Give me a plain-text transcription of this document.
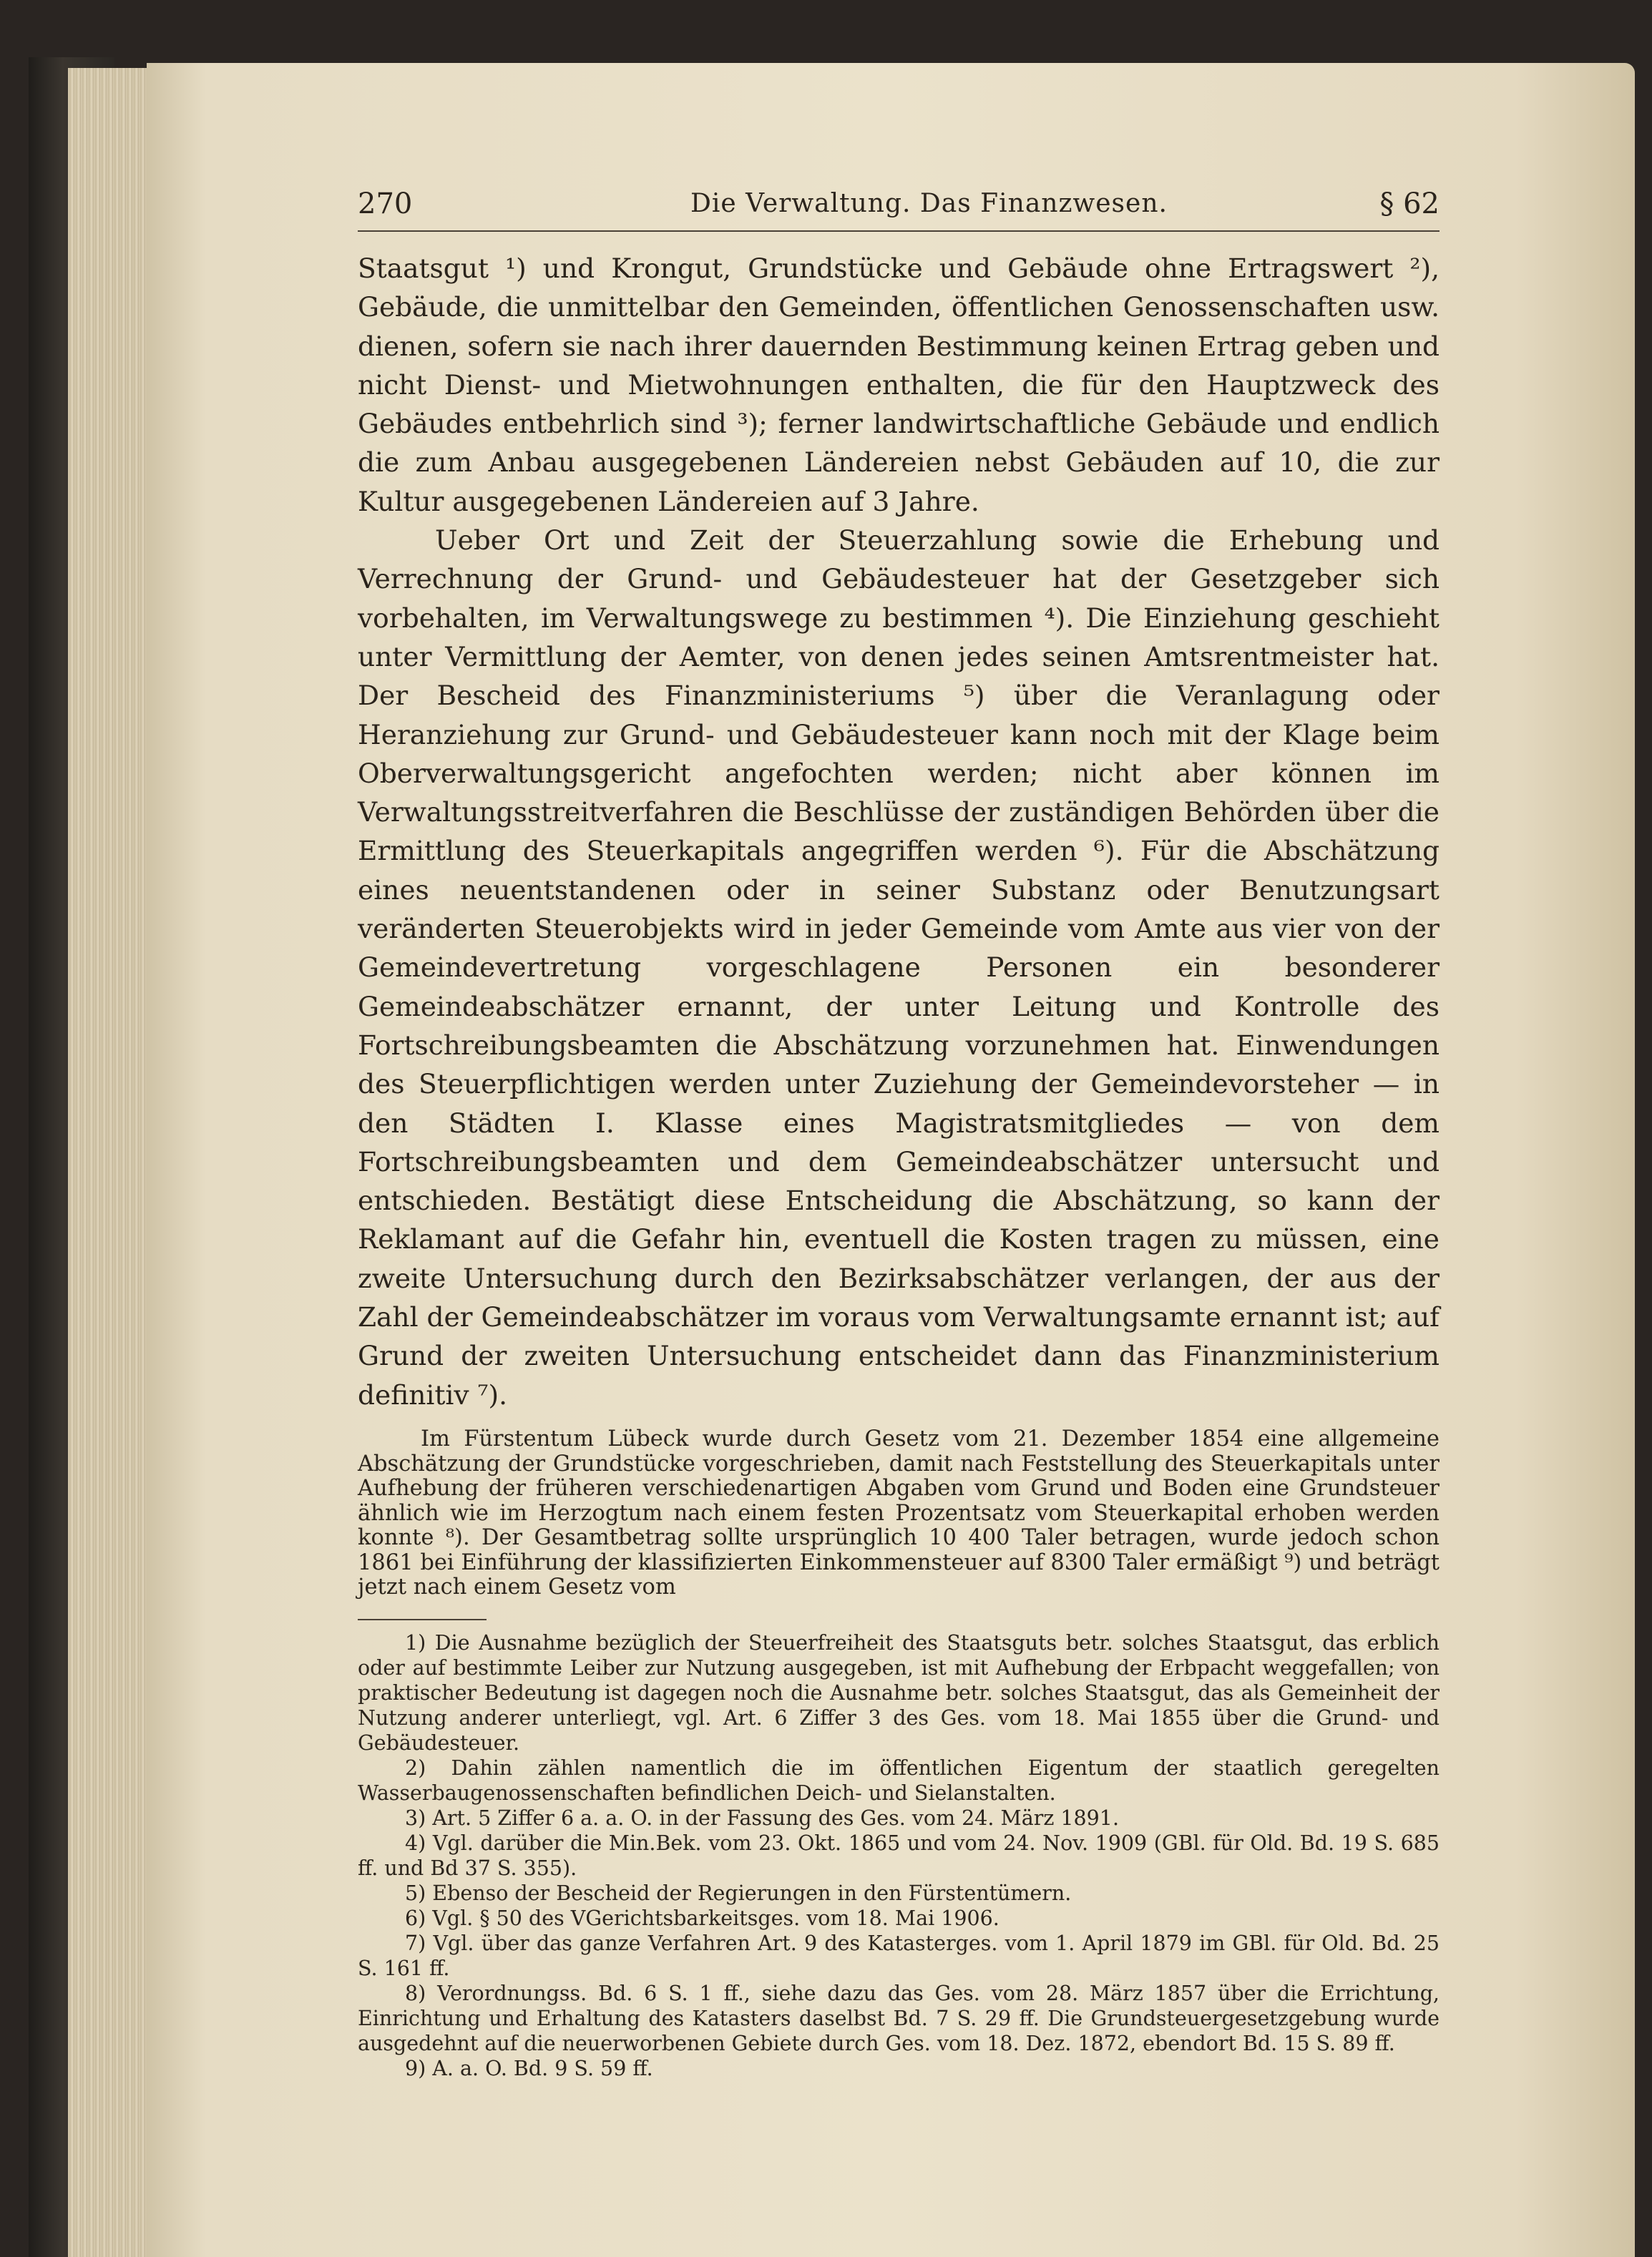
270	Die Verwaltung. Das Finanzwesen.	§ 62

Staatsgut ¹) und Krongut, Grundstücke und Gebäude ohne Ertragswert ²), Gebäude, die unmittelbar den Gemeinden, öffentlichen Genossenschaften usw. dienen, sofern sie nach ihrer dauernden Bestimmung keinen Ertrag geben und nicht Dienst- und Mietwohnungen enthalten, die für den Hauptzweck des Gebäudes entbehrlich sind ³); ferner landwirtschaftliche Gebäude und endlich die zum Anbau ausgegebenen Ländereien nebst Gebäuden auf 10, die zur Kultur ausgegebenen Ländereien auf 3 Jahre.

Ueber Ort und Zeit der Steuerzahlung sowie die Erhebung und Verrechnung der Grund- und Gebäudesteuer hat der Gesetzgeber sich vorbehalten, im Verwaltungswege zu bestimmen ⁴). Die Einziehung geschieht unter Vermittlung der Aemter, von denen jedes seinen Amtsrentmeister hat. Der Bescheid des Finanzministeriums ⁵) über die Veranlagung oder Heranziehung zur Grund- und Gebäudesteuer kann noch mit der Klage beim Oberverwaltungsgericht angefochten werden; nicht aber können im Verwaltungsstreitverfahren die Beschlüsse der zuständigen Behörden über die Ermittlung des Steuerkapitals angegriffen werden ⁶). Für die Abschätzung eines neuentstandenen oder in seiner Substanz oder Benutzungsart veränderten Steuerobjekts wird in jeder Gemeinde vom Amte aus vier von der Gemeindevertretung vorgeschlagene Personen ein besonderer Gemeindeabschätzer ernannt, der unter Leitung und Kontrolle des Fortschreibungsbeamten die Abschätzung vorzunehmen hat. Einwendungen des Steuerpflichtigen werden unter Zuziehung der Gemeindevorsteher — in den Städten I. Klasse eines Magistratsmitgliedes — von dem Fortschreibungsbeamten und dem Gemeindeabschätzer untersucht und entschieden. Bestätigt diese Entscheidung die Abschätzung, so kann der Reklamant auf die Gefahr hin, eventuell die Kosten tragen zu müssen, eine zweite Untersuchung durch den Bezirksabschätzer verlangen, der aus der Zahl der Gemeindeabschätzer im voraus vom Verwaltungsamte ernannt ist; auf Grund der zweiten Untersuchung entscheidet dann das Finanzministerium definitiv ⁷).

Im Fürstentum Lübeck wurde durch Gesetz vom 21. Dezember 1854 eine allgemeine Abschätzung der Grundstücke vorgeschrieben, damit nach Feststellung des Steuerkapitals unter Aufhebung der früheren verschiedenartigen Abgaben vom Grund und Boden eine Grundsteuer ähnlich wie im Herzogtum nach einem festen Prozentsatz vom Steuerkapital erhoben werden konnte ⁸). Der Gesamtbetrag sollte ursprünglich 10 400 Taler betragen, wurde jedoch schon 1861 bei Einführung der klassifizierten Einkommensteuer auf 8300 Taler ermäßigt ⁹) und beträgt jetzt nach einem Gesetz vom

1) Die Ausnahme bezüglich der Steuerfreiheit des Staatsguts betr. solches Staatsgut, das erblich oder auf bestimmte Leiber zur Nutzung ausgegeben, ist mit Aufhebung der Erbpacht weggefallen; von praktischer Bedeutung ist dagegen noch die Ausnahme betr. solches Staatsgut, das als Gemeinheit der Nutzung anderer unterliegt, vgl. Art. 6 Ziffer 3 des Ges. vom 18. Mai 1855 über die Grund- und Gebäudesteuer.

2) Dahin zählen namentlich die im öffentlichen Eigentum der staatlich geregelten Wasserbaugenossenschaften befindlichen Deich- und Sielanstalten.

3) Art. 5 Ziffer 6 a. a. O. in der Fassung des Ges. vom 24. März 1891.

4) Vgl. darüber die Min.Bek. vom 23. Okt. 1865 und vom 24. Nov. 1909 (GBl. für Old. Bd. 19 S. 685 ff. und Bd 37 S. 355).

5) Ebenso der Bescheid der Regierungen in den Fürstentümern.

6) Vgl. § 50 des VGerichtsbarkeitsges. vom 18. Mai 1906.

7) Vgl. über das ganze Verfahren Art. 9 des Katasterges. vom 1. April 1879 im GBl. für Old. Bd. 25 S. 161 ff.

8) Verordnungss. Bd. 6 S. 1 ff., siehe dazu das Ges. vom 28. März 1857 über die Errichtung, Einrichtung und Erhaltung des Katasters daselbst Bd. 7 S. 29 ff. Die Grundsteuergesetzgebung wurde ausgedehnt auf die neuerworbenen Gebiete durch Ges. vom 18. Dez. 1872, ebendort Bd. 15 S. 89 ff.

9) A. a. O. Bd. 9 S. 59 ff.
